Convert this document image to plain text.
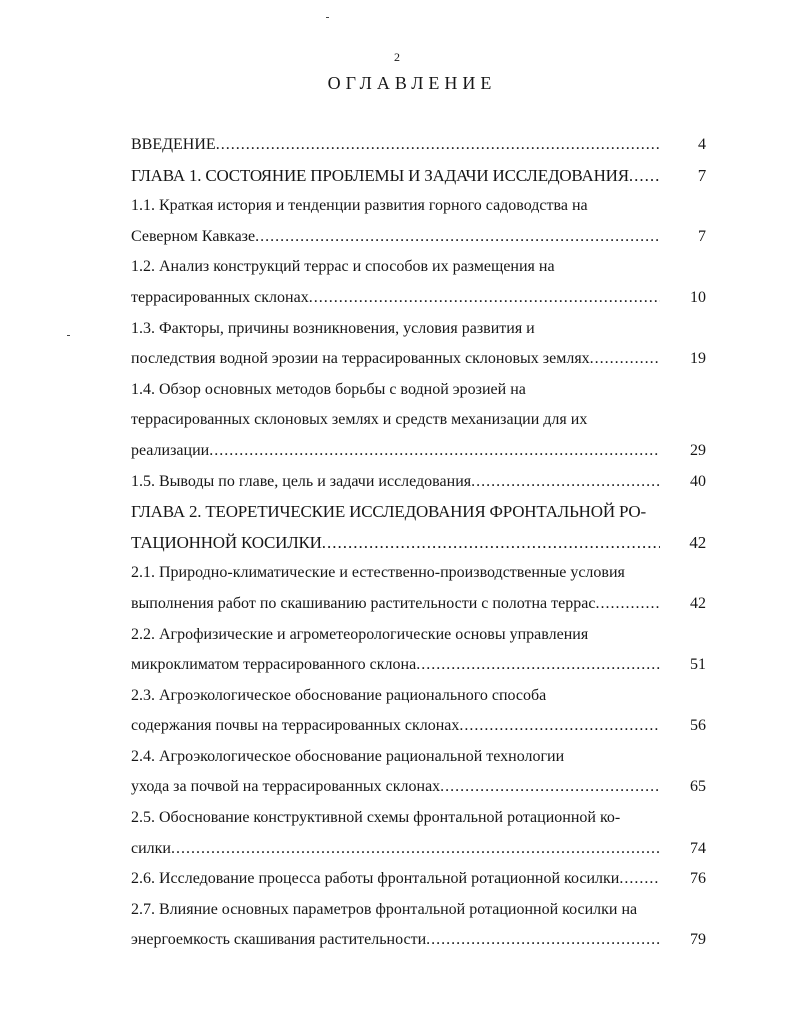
2
ОГЛАВЛЕНИЕ
ВВЕДЕНИЕ .....	4
ГЛАВА 1. СОСТОЯНИЕ ПРОБЛЕМЫ И ЗАДАЧИ ИССЛЕДОВАНИЯ .....	7
1.1. Краткая история и тенденции развития горного садоводства на
Северном Кавказе .....	7
1.2. Анализ конструкций террас и способов их размещения на
террасированных склонах .....	10
1.3. Факторы, причины возникновения, условия развития и
последствия водной эрозии на террасированных склоновых землях .....	19
1.4. Обзор основных методов борьбы с водной эрозией на
террасированных склоновых землях и средств механизации для их
реализации .....	29
1.5. Выводы по главе, цель и задачи исследования .....	40
ГЛАВА 2. ТЕОРЕТИЧЕСКИЕ ИССЛЕДОВАНИЯ ФРОНТАЛЬНОЙ РО-
ТАЦИОННОЙ КОСИЛКИ .....	42
2.1. Природно-климатические и естественно-производственные условия
выполнения работ по скашиванию растительности с полотна террас .....	42
2.2. Агрофизические и агрометеорологические основы управления
микроклиматом террасированного склона .....	51
2.3. Агроэкологическое обоснование рационального способа
содержания почвы на террасированных склонах .....	56
2.4. Агроэкологическое обоснование рациональной технологии
ухода за почвой на террасированных склонах .....	65
2.5. Обоснование конструктивной схемы фронтальной ротационной ко-
силки .....	74
2.6. Исследование процесса работы фронтальной ротационной косилки .....	76
2.7. Влияние основных параметров фронтальной ротационной косилки на
энергоемкость скашивания растительности .....	79
